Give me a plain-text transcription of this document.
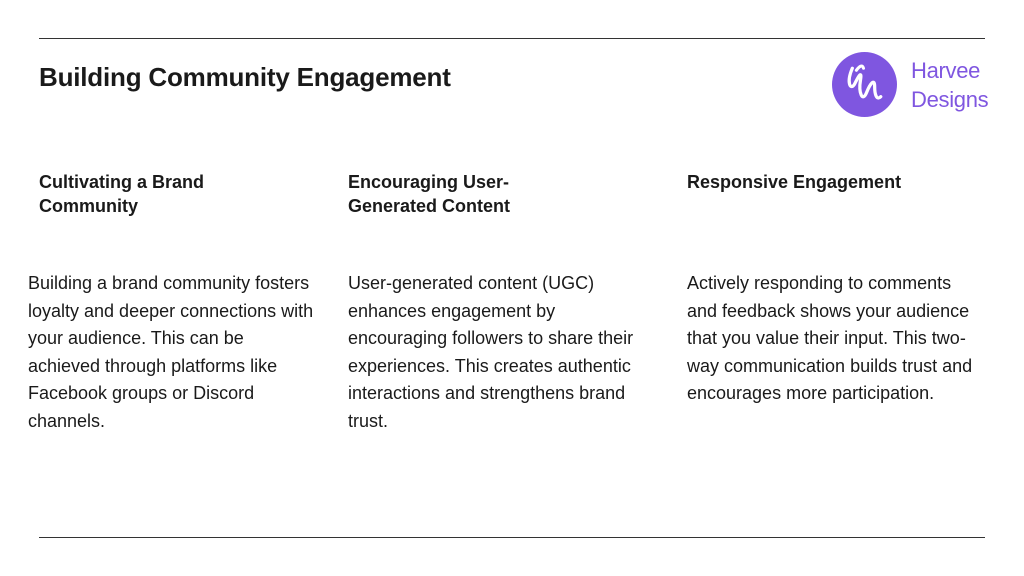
Building Community Engagement	Harvee
Designs
Cultivating a Brand Community

Building a brand community fosters loyalty and deeper connections with your audience. This can be achieved through platforms like Facebook groups or Discord channels.

Encouraging User-Generated Content

User-generated content (UGC) enhances engagement by encouraging followers to share their experiences. This creates authentic interactions and strengthens brand trust.

Responsive Engagement

Actively responding to comments and feedback shows your audience that you value their input. This two-way communication builds trust and encourages more participation.
